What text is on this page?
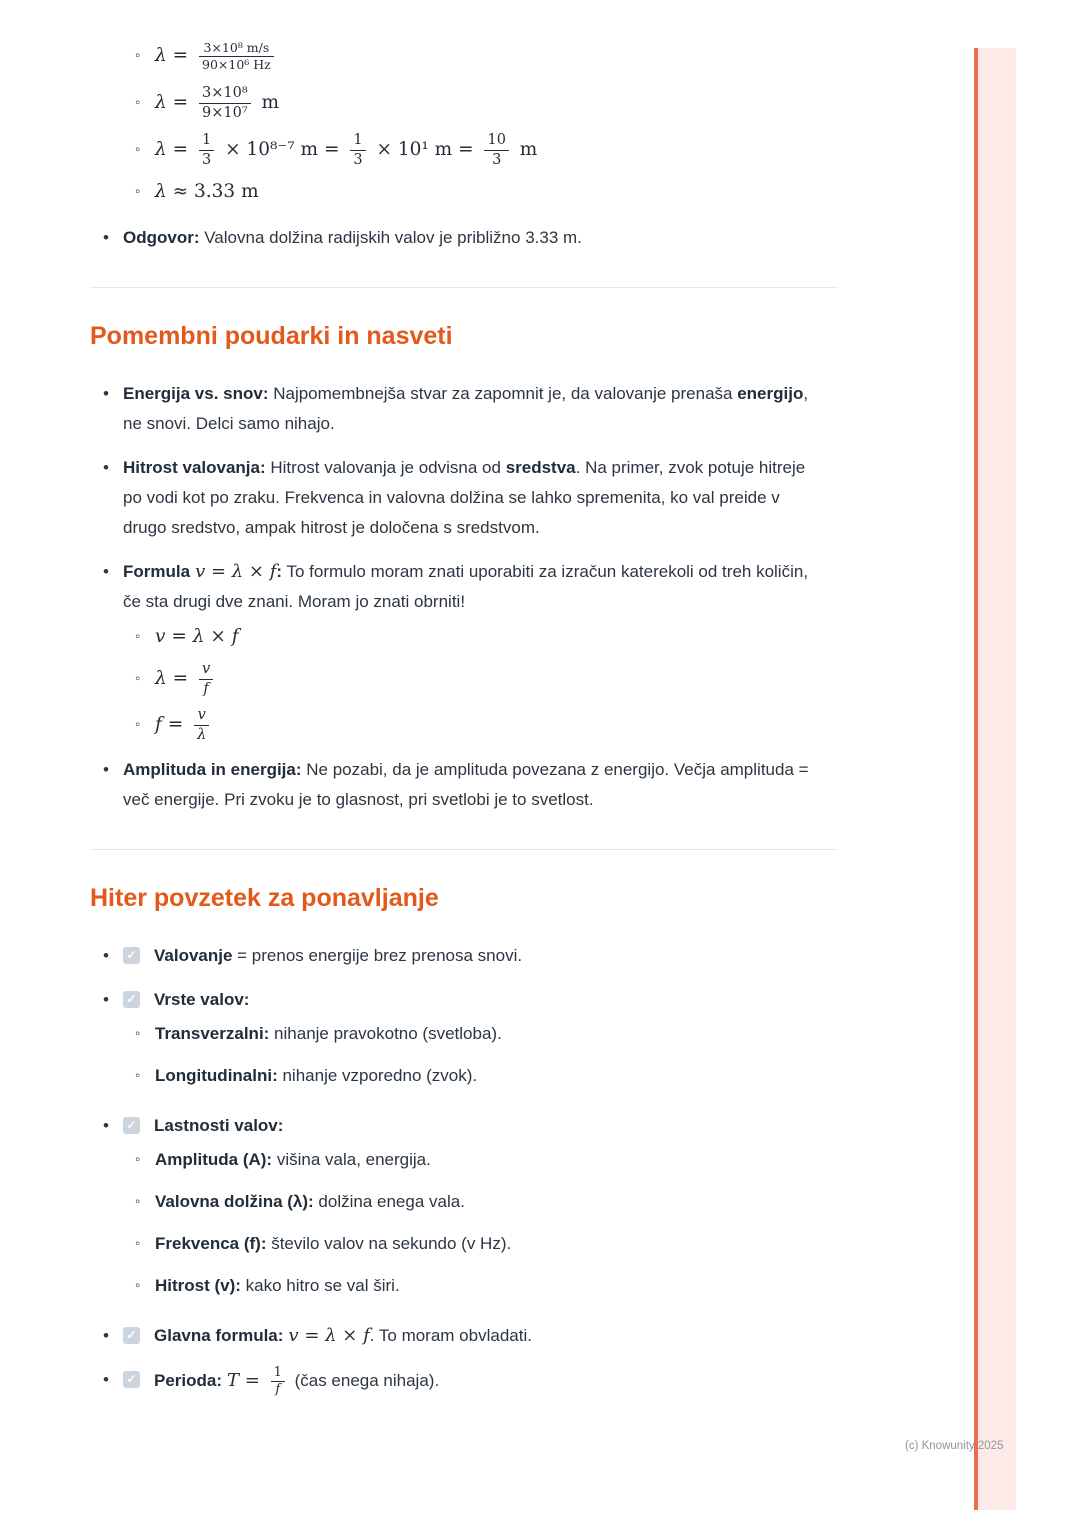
◦ $\lambda = \frac{\text{3×10⁸ m/s}}{\text{90×10⁶ Hz}}$
◦ $\lambda = \frac{\text{3×10⁸}}{\text{9×10⁷}}$ m
◦ $\lambda = \frac{1}{3} \times 10^{8-7}$ $m = \frac{1}{3} \times 10^1$ $m = \frac{10}{3}$ m
◦ λ ≈ 3.33 m
• Odgovor: Valovna dolžina radijskih valov je približno 3.33 m.
Pomembni poudarki in nasveti
• Energija vs. snov: Najpomembnejša stvar za zapomnit je, da valovanje prenaša energijo, ne snovi. Delci samo nihajo.
• Hitrost valovanja: Hitrost valovanja je odvisna od sredstva. Na primer, zvok potuje hitreje po vodi kot po zraku. Frekvenca in valovna dolžina se lahko spremenita, ko val preide v drugo sredstvo, ampak hitrost je določena s sredstvom.
• Formula v = λ × f: To formulo moram znati uporabiti za izračun katerekoli od treh količin, če sta drugi dve znani. Moram jo znati obrniti!
◦ v = λ × f
◦ $\lambda = \frac{v}{f}$
◦ $f = \frac{v}{\lambda}$
• Amplituda in energija: Ne pozabi, da je amplituda povezana z energijo. Večja amplituda = več energije. Pri zvoku je to glasnost, pri svetlobi je to svetlost.
Hiter povzetek za ponavljanje
•	✓ Valovanje = prenos energije brez prenosa snovi.
•	✓ Vrste valov:
◦ Transverzalni: nihanje pravokotno (svetloba).
◦ Longitudinalni: nihanje vzporedno (zvok).
•	✓ Lastnosti valov:
◦ Amplituda (A): višina vala, energija.
◦ Valovna dolžina (λ): dolžina enega vala.
◦ Frekvenca (f): število valov na sekundo (v Hz).
◦ Hitrost (v): kako hitro se val širi.
•	✓ Glavna formula: v = λ × f. To moram obvladati.
•	✓ Perioda: $T = \frac{1}{f}$ (čas enega nihaja).
(c) Knowunity 2025
